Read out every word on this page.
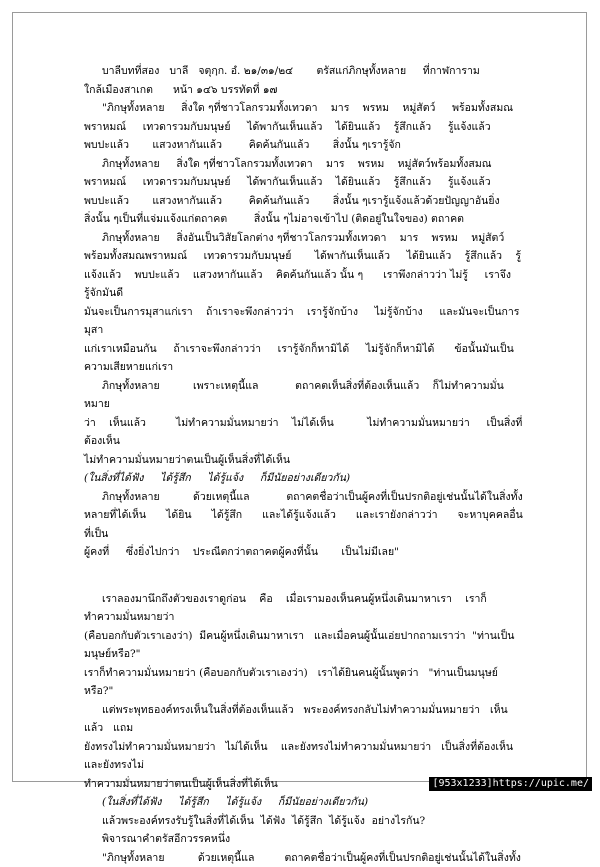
บาลีบทที่สอง   บาลี   จตุกฺก. อํ. ๒๑/๓๑/๒๔       ตรัสแก่ภิกษุทั้งหลาย     ที่กาฬการาม
ใกล้เมืองสาเกต      หน้า ๑๔๖ บรรทัดที่ ๑๗

"ภิกษุทั้งหลาย     สิ่งใด ๆที่ชาวโลกรวมทั้งเทวดา    มาร    พรหม    หมู่สัตว์     พร้อมทั้งสมณ
พราหมณ์     เทวดารวมกับมนุษย์     ได้พากันเห็นแล้ว    ได้ยินแล้ว    รู้สึกแล้ว     รู้แจ้งแล้ว
พบปะแล้ว       แสวงหากันแล้ว        คิดค้นกันแล้ว       สิ่งนั้น ๆเรารู้จัก

ภิกษุทั้งหลาย     สิ่งใด ๆที่ชาวโลกรวมทั้งเทวดา    มาร    พรหม    หมู่สัตว์พร้อมทั้งสมณ
พราหมณ์     เทวดารวมกับมนุษย์     ได้พากันเห็นแล้ว    ได้ยินแล้ว    รู้สึกแล้ว     รู้แจ้งแล้ว
พบปะแล้ว       แสวงหากันแล้ว        คิดค้นกันแล้ว       สิ่งนั้น ๆเรารู้แจ้งแล้วด้วยปัญญาอันยิ่ง
สิ่งนั้น ๆเป็นที่แจ่มแจ้งแก่ตถาคต        สิ่งนั้น ๆไม่อาจเข้าไป (ติดอยู่ในใจของ) ตถาคต

ภิกษุทั้งหลาย     สิ่งอันเป็นวิสัยโลกต่าง ๆที่ชาวโลกรวมทั้งเทวดา    มาร    พรหม    หมู่สัตว์
พร้อมทั้งสมณพราหมณ์     เทวดารวมกับมนุษย์       ได้พากันเห็นแล้ว     ได้ยินแล้ว    รู้สึกแล้ว    รู้
แจ้งแล้ว    พบปะแล้ว    แสวงหากันแล้ว    คิดค้นกันแล้ว นั้น ๆ      เราพึงกล่าวว่า ไม่รู้     เราจึงรู้จักมันดี
มันจะเป็นการมุสาแก่เรา    ถ้าเราจะพึงกล่าวว่า    เรารู้จักบ้าง     ไม่รู้จักบ้าง     และมันจะเป็นการมุสา
แก่เราเหมือนกัน     ถ้าเราจะพึงกล่าวว่า     เรารู้จักก็หามิได้     ไม่รู้จักก็หามิได้      ข้อนั้นมันเป็น
ความเสียหายแก่เรา

ภิกษุทั้งหลาย          เพราะเหตุนี้แล           ตถาคตเห็นสิ่งที่ต้องเห็นแล้ว    ก็ไม่ทำความมั่นหมาย
ว่า    เห็นแล้ว         ไม่ทำความมั่นหมายว่า    ไม่ได้เห็น          ไม่ทำความมั่นหมายว่า     เป็นสิ่งที่ต้องเห็น
ไม่ทำความมั่นหมายว่าตนเป็นผู้เห็นสิ่งที่ได้เห็น

(ในสิ่งที่ได้ฟัง     ได้รู้สึก     ได้รู้แจ้ง     ก็มีนัยอย่างเดียวกัน)

ภิกษุทั้งหลาย          ด้วยเหตุนี้แล           ตถาคตชื่อว่าเป็นผู้คงที่เป็นปรกติอยู่เช่นนั้นได้ในสิ่งทั้ง
หลายที่ได้เห็น      ได้ยิน      ได้รู้สึก      และได้รู้แจ้งแล้ว      และเรายังกล่าวว่า      จะหาบุคคลอื่นที่เป็น
ผู้คงที่     ซึ่งยิ่งไปกว่า    ประณีตกว่าตถาคตผู้คงที่นั้น       เป็นไม่มีเลย"

เราลองมานึกถึงตัวของเราดูก่อน    คือ    เมื่อเรามองเห็นคนผู้หนึ่งเดินมาหาเรา    เราก็ทำความมั่นหมายว่า
(คือบอกกับตัวเราเองว่า)  มีคนผู้หนึ่งเดินมาหาเรา   และเมื่อคนผู้นั้นเอ่ยปากถามเราว่า  "ท่านเป็นมนุษย์หรือ?"
เราก็ทำความมั่นหมายว่า (คือบอกกับตัวเราเองว่า)   เราได้ยินคนผู้นั้นพูดว่า   "ท่านเป็นมนุษย์หรือ?"

แต่พระพุทธองค์ทรงเห็นในสิ่งที่ต้องเห็นแล้ว   พระองค์ทรงกลับไม่ทำความมั่นหมายว่า   เห็นแล้ว   แถม
ยังทรงไม่ทำความมั่นหมายว่า   ไม่ได้เห็น    และยังทรงไม่ทำความมั่นหมายว่า   เป็นสิ่งที่ต้องเห็น    และยังทรงไม่
ทำความมั่นหมายว่าตนเป็นผู้เห็นสิ่งที่ได้เห็น

(ในสิ่งที่ได้ฟัง     ได้รู้สึก     ได้รู้แจ้ง     ก็มีนัยอย่างเดียวกัน)

แล้วพระองค์ทรงรับรู้ในสิ่งที่ได้เห็น  ได้ฟัง  ได้รู้สึก  ได้รู้แจ้ง  อย่างไรกัน?

พิจารณาคำตรัสอีกวรรคหนึ่ง

"ภิกษุทั้งหลาย          ด้วยเหตุนี้แล         ตถาคตชื่อว่าเป็นผู้คงที่เป็นปรกติอยู่เช่นนั้นได้ในสิ่งทั้ง

[953x1233]https://upic.me/
